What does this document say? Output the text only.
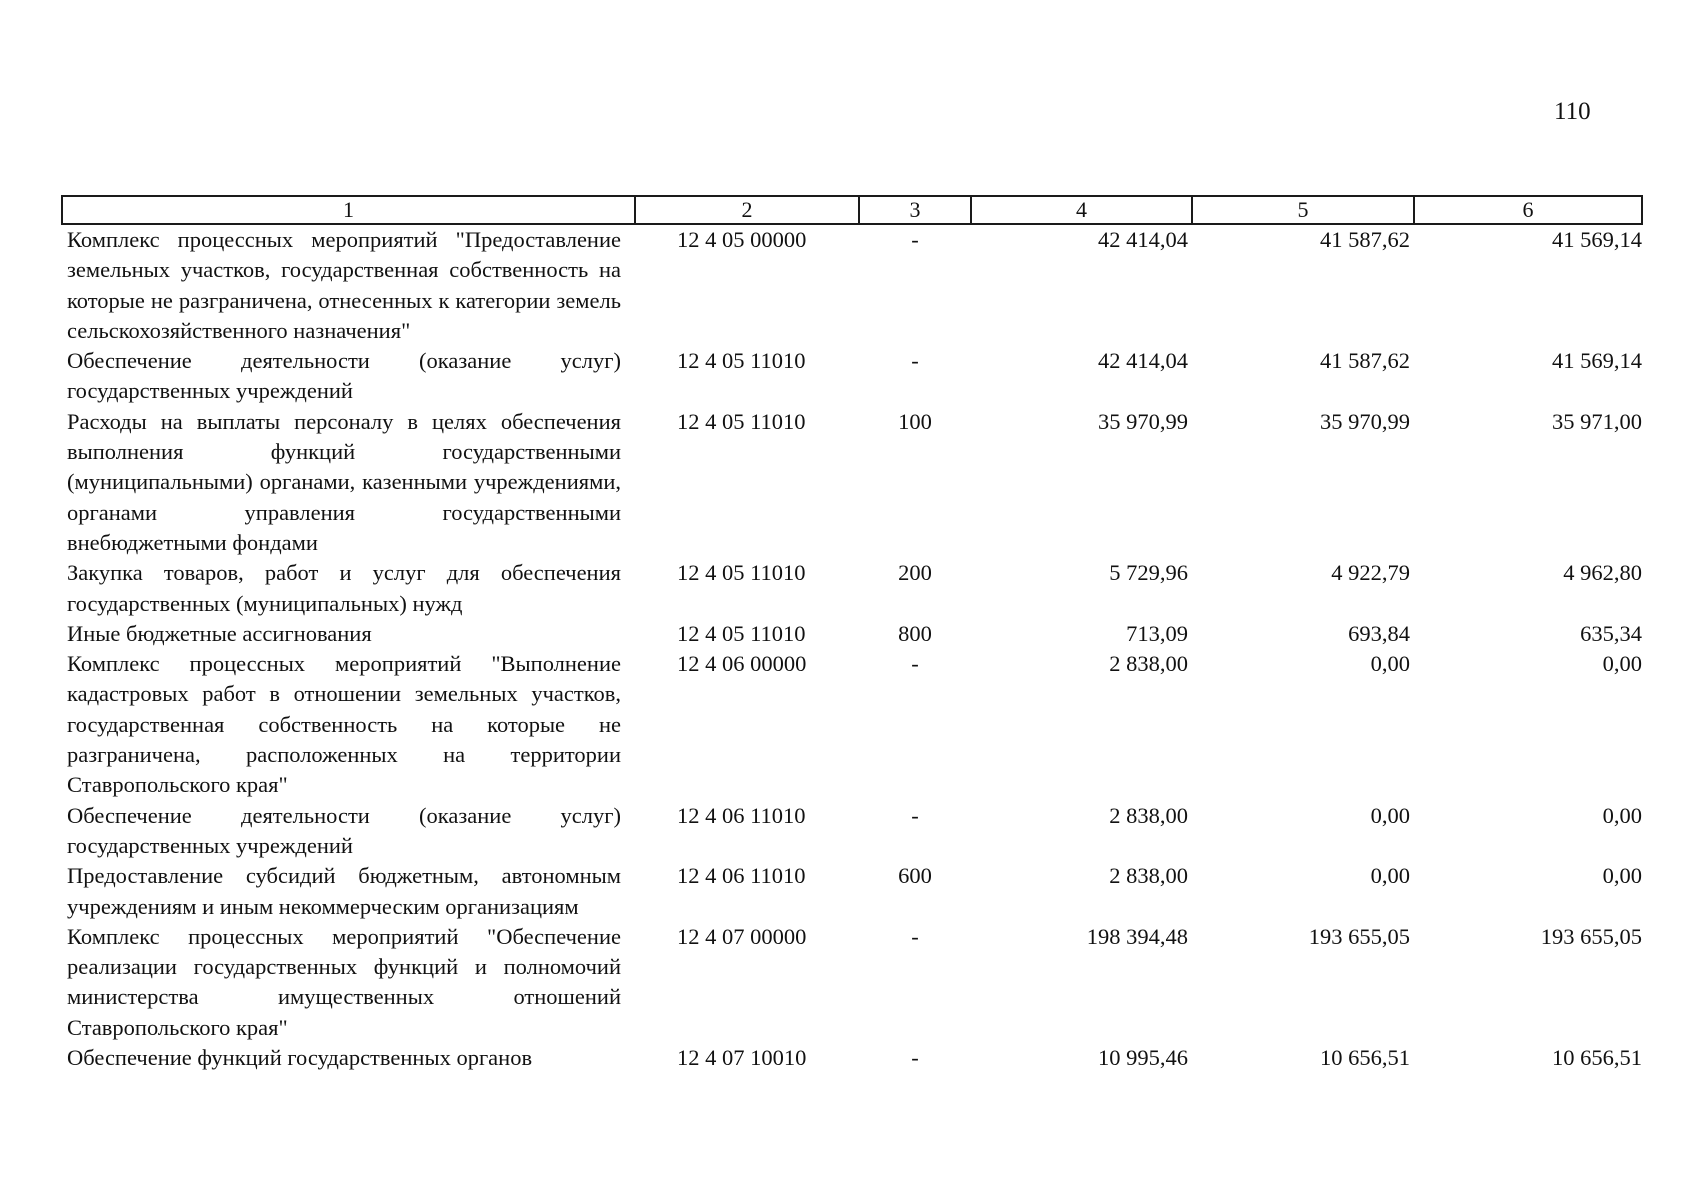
110
1	2	3	4	5	6
Комплекс процессных мероприятий "Предоставление земельных участков, государственная собственность на которые не разграничена, отнесенных к категории земель сельскохозяйственного назначения"	12 4 05 00000	-	42 414,04	41 587,62	41 569,14
Обеспечение деятельности (оказание услуг) государственных учреждений	12 4 05 11010	-	42 414,04	41 587,62	41 569,14
Расходы на выплаты персоналу в целях обеспечения выполнения функций государственными (муниципальными) органами, казенными учреждениями, органами управления государственными внебюджетными фондами	12 4 05 11010	100	35 970,99	35 970,99	35 971,00
Закупка товаров, работ и услуг для обеспечения государственных (муниципальных) нужд	12 4 05 11010	200	5 729,96	4 922,79	4 962,80
Иные бюджетные ассигнования	12 4 05 11010	800	713,09	693,84	635,34
Комплекс процессных мероприятий "Выполнение кадастровых работ в отношении земельных участков, государственная собственность на которые не разграничена, расположенных на территории Ставропольского края"	12 4 06 00000	-	2 838,00	0,00	0,00
Обеспечение деятельности (оказание услуг) государственных учреждений	12 4 06 11010	-	2 838,00	0,00	0,00
Предоставление субсидий бюджетным, автономным учреждениям и иным некоммерческим организациям	12 4 06 11010	600	2 838,00	0,00	0,00
Комплекс процессных мероприятий "Обеспечение реализации государственных функций и полномочий министерства имущественных отношений Ставропольского края"	12 4 07 00000	-	198 394,48	193 655,05	193 655,05
Обеспечение функций государственных органов	12 4 07 10010	-	10 995,46	10 656,51	10 656,51
